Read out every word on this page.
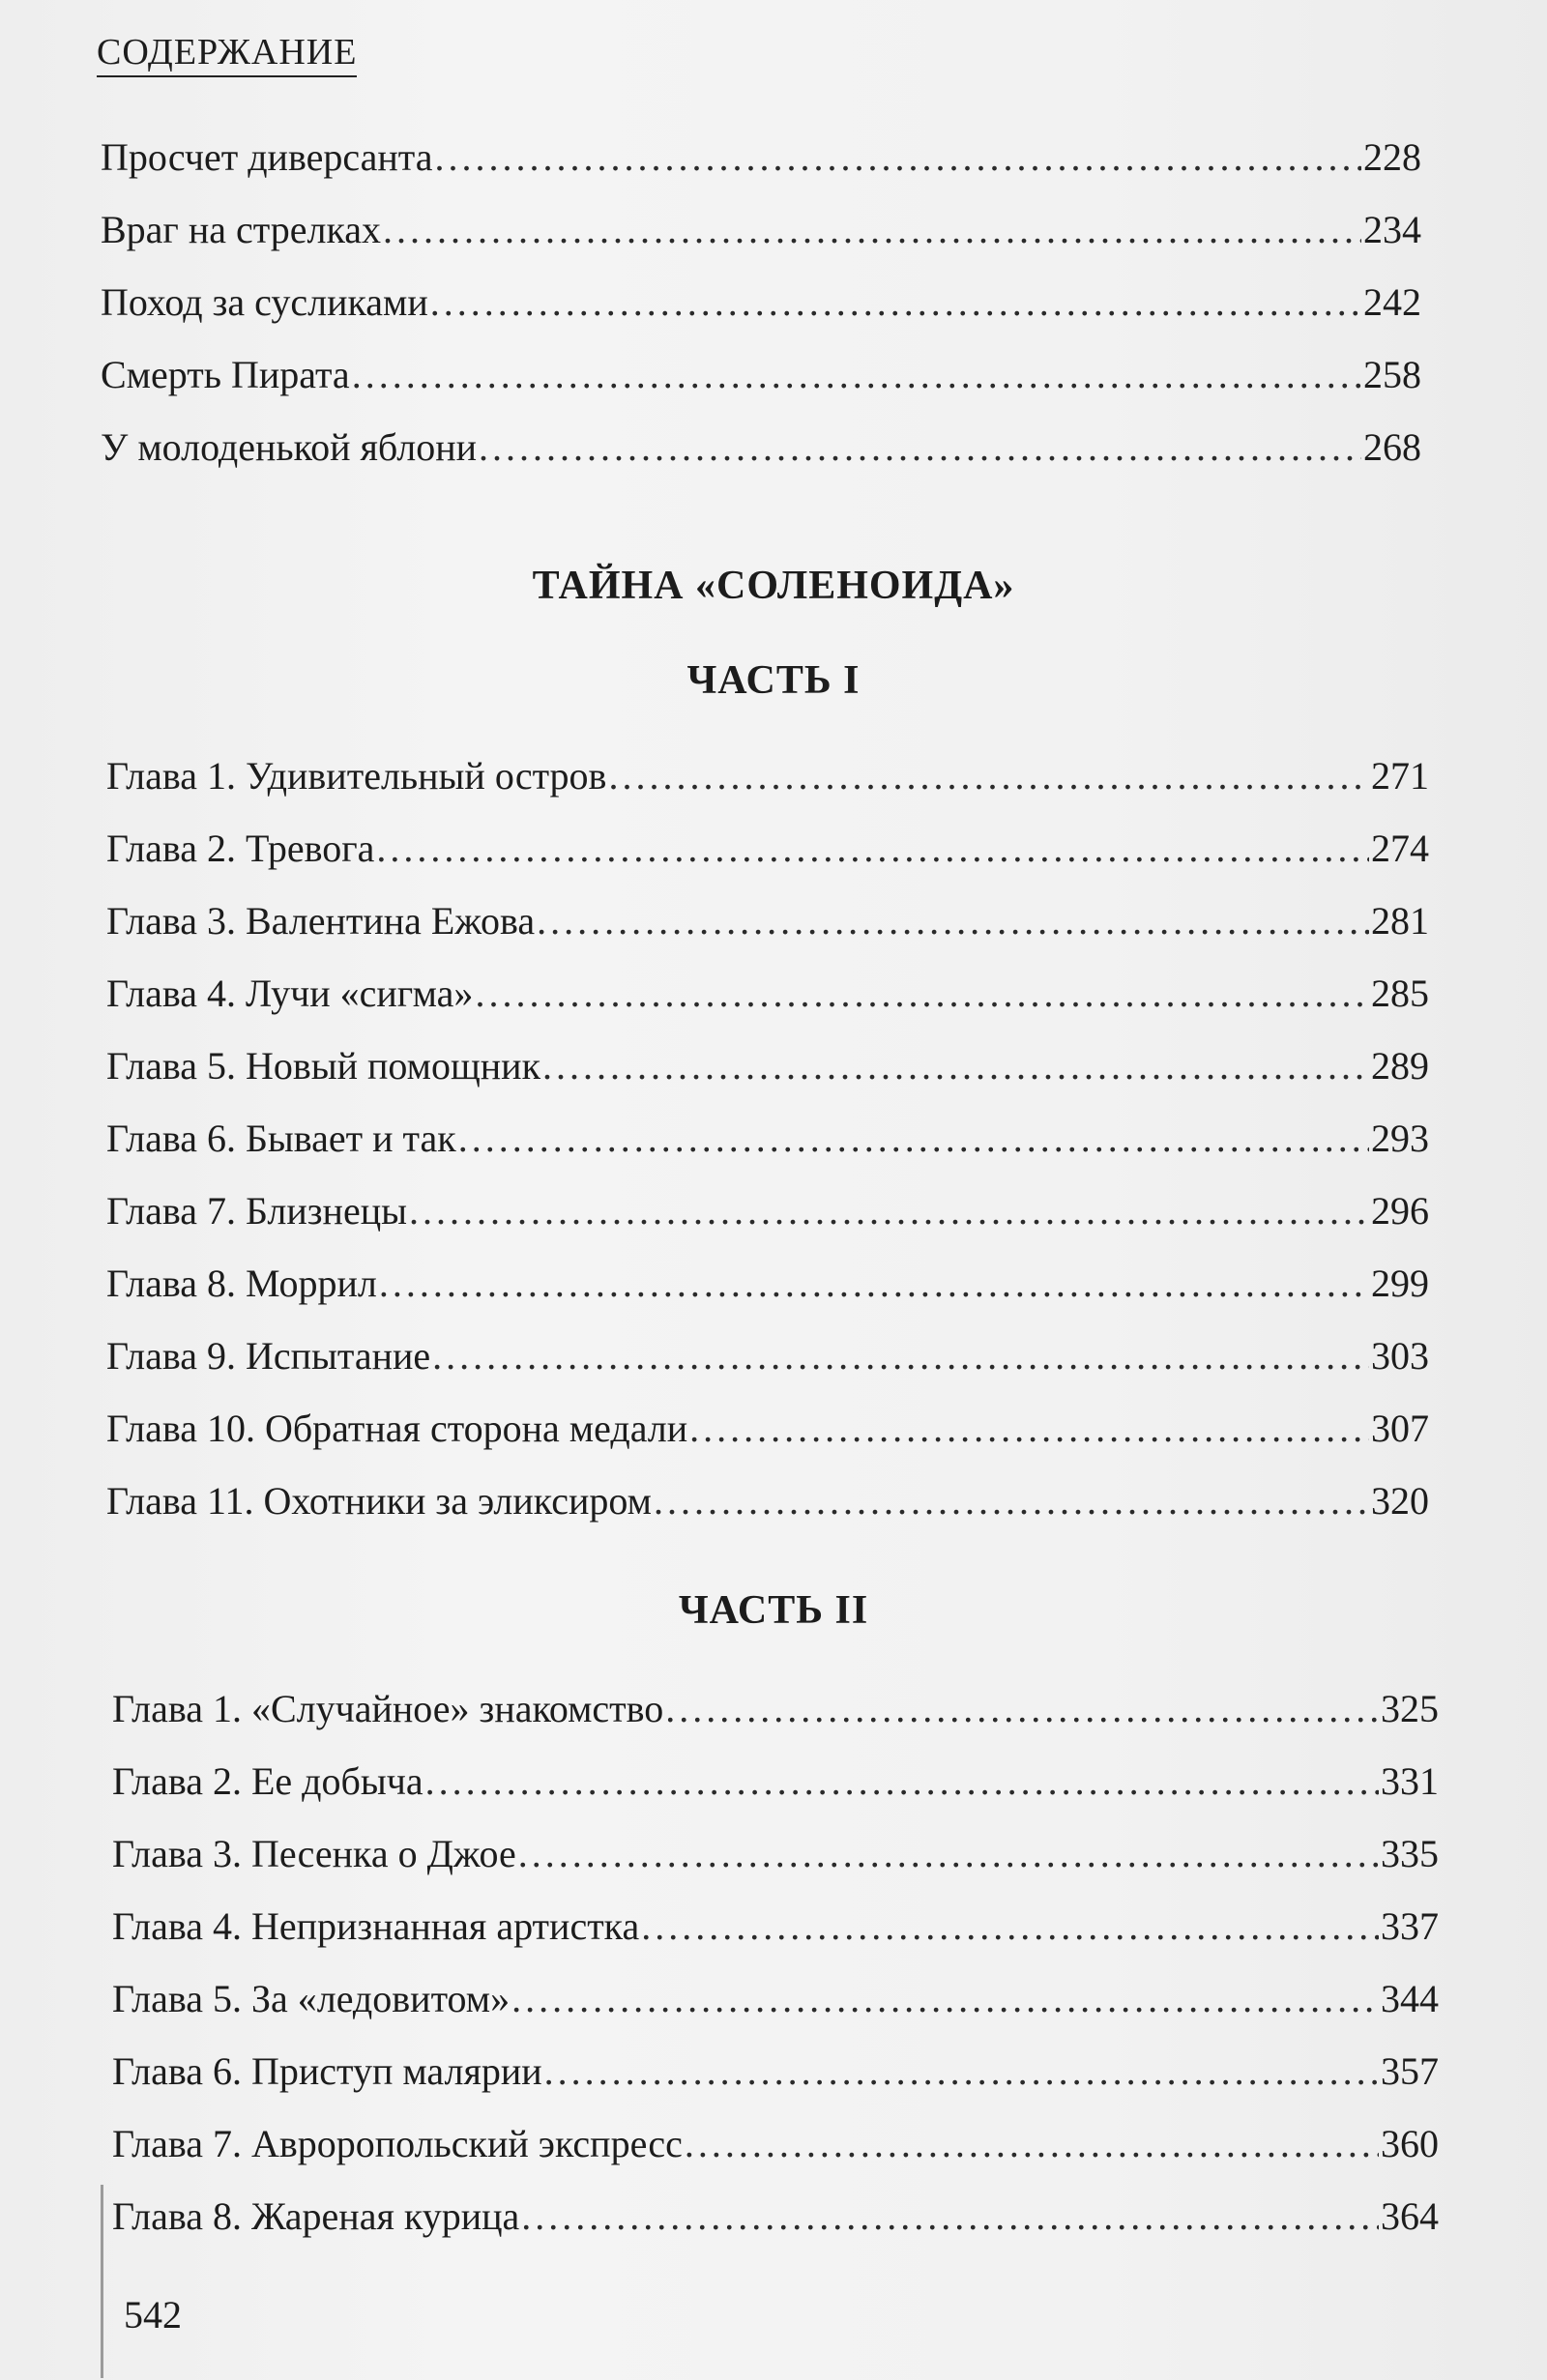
СОДЕРЖАНИЕ
Просчет диверсанта .....	228
Враг на стрелках .....	234
Поход за сусликами .....	242
Смерть Пирата .....	258
У молоденькой яблони .....	268
ТАЙНА «СОЛЕНОИДА»
ЧАСТЬ I
Глава 1. Удивительный остров .....	271
Глава 2. Тревога .....	274
Глава 3. Валентина Ежова .....	281
Глава 4. Лучи «сигма» .....	285
Глава 5. Новый помощник .....	289
Глава 6. Бывает и так .....	293
Глава 7. Близнецы .....	296
Глава 8. Моррил .....	299
Глава 9. Испытание .....	303
Глава 10. Обратная сторона медали .....	307
Глава 11. Охотники за эликсиром .....	320
ЧАСТЬ II
Глава 1. «Случайное» знакомство .....	325
Глава 2. Ее добыча .....	331
Глава 3. Песенка о Джое .....	335
Глава 4. Непризнанная артистка .....	337
Глава 5. За «ледовитом» .....	344
Глава 6. Приступ малярии .....	357
Глава 7. Авроропольский экспресс .....	360
Глава 8. Жареная курица .....	364
542
